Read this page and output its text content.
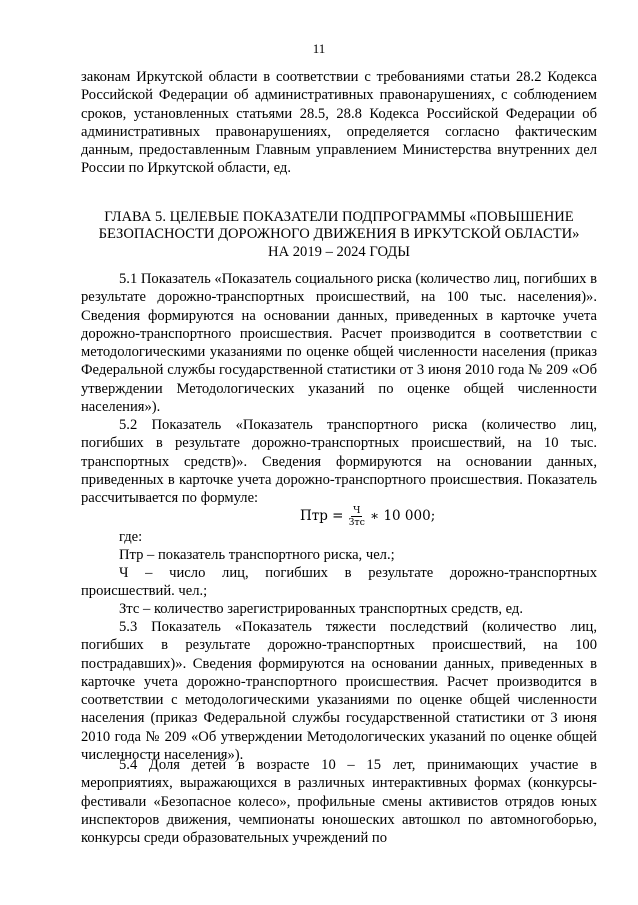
11

законам Иркутской области в соответствии с требованиями статьи 28.2 Кодекса Российской Федерации об административных правонарушениях, с соблюдением сроков, установленных статьями 28.5, 28.8 Кодекса Российской Федерации об административных правонарушениях, определяется согласно фактическим данным, предоставленным Главным управлением Министерства внутренних дел России по Иркутской области, ед.

ГЛАВА 5. ЦЕЛЕВЫЕ ПОКАЗАТЕЛИ ПОДПРОГРАММЫ «ПОВЫШЕНИЕ
БЕЗОПАСНОСТИ ДОРОЖНОГО ДВИЖЕНИЯ В ИРКУТСКОЙ ОБЛАСТИ»
НА 2019 – 2024 ГОДЫ

5.1 Показатель «Показатель социального риска (количество лиц, погибших в результате дорожно-транспортных происшествий, на 100 тыс. населения)». Сведения формируются на основании данных, приведенных в карточке учета дорожно-транспортного происшествия. Расчет производится в соответствии с методологическими указаниями по оценке общей численности населения (приказ Федеральной службы государственной статистики от 3 июня 2010 года № 209 «Об утверждении Методологических указаний по оценке общей численности населения»).

5.2 Показатель «Показатель транспортного риска (количество лиц, погибших в результате дорожно-транспортных происшествий, на 10 тыс. транспортных средств)». Сведения формируются на основании данных, приведенных в карточке учета дорожно-транспортного происшествия. Показатель рассчитывается по формуле:

Птр = $\frac{Ч}{\text{Зтс}}$ ∗ 10 000;

где:

Птр – показатель транспортного риска, чел.;

Ч – число лиц, погибших в результате дорожно-транспортных происшествий. чел.;

Зтс – количество зарегистрированных транспортных средств, ед.

5.3 Показатель «Показатель тяжести последствий (количество лиц, погибших в результате дорожно-транспортных происшествий, на 100 пострадавших)». Сведения формируются на основании данных, приведенных в карточке учета дорожно-транспортного происшествия. Расчет производится в соответствии с методологическими указаниями по оценке общей численности населения (приказ Федеральной службы государственной статистики от 3 июня 2010 года № 209 «Об утверждении Методологических указаний по оценке общей численности населения»).

5.4 Доля детей в возрасте 10 – 15 лет, принимающих участие в мероприятиях, выражающихся в различных интерактивных формах (конкурсы-фестивали «Безопасное колесо», профильные смены активистов отрядов юных инспекторов движения, чемпионаты юношеских автошкол по автомногоборью, конкурсы среди образовательных учреждений по
